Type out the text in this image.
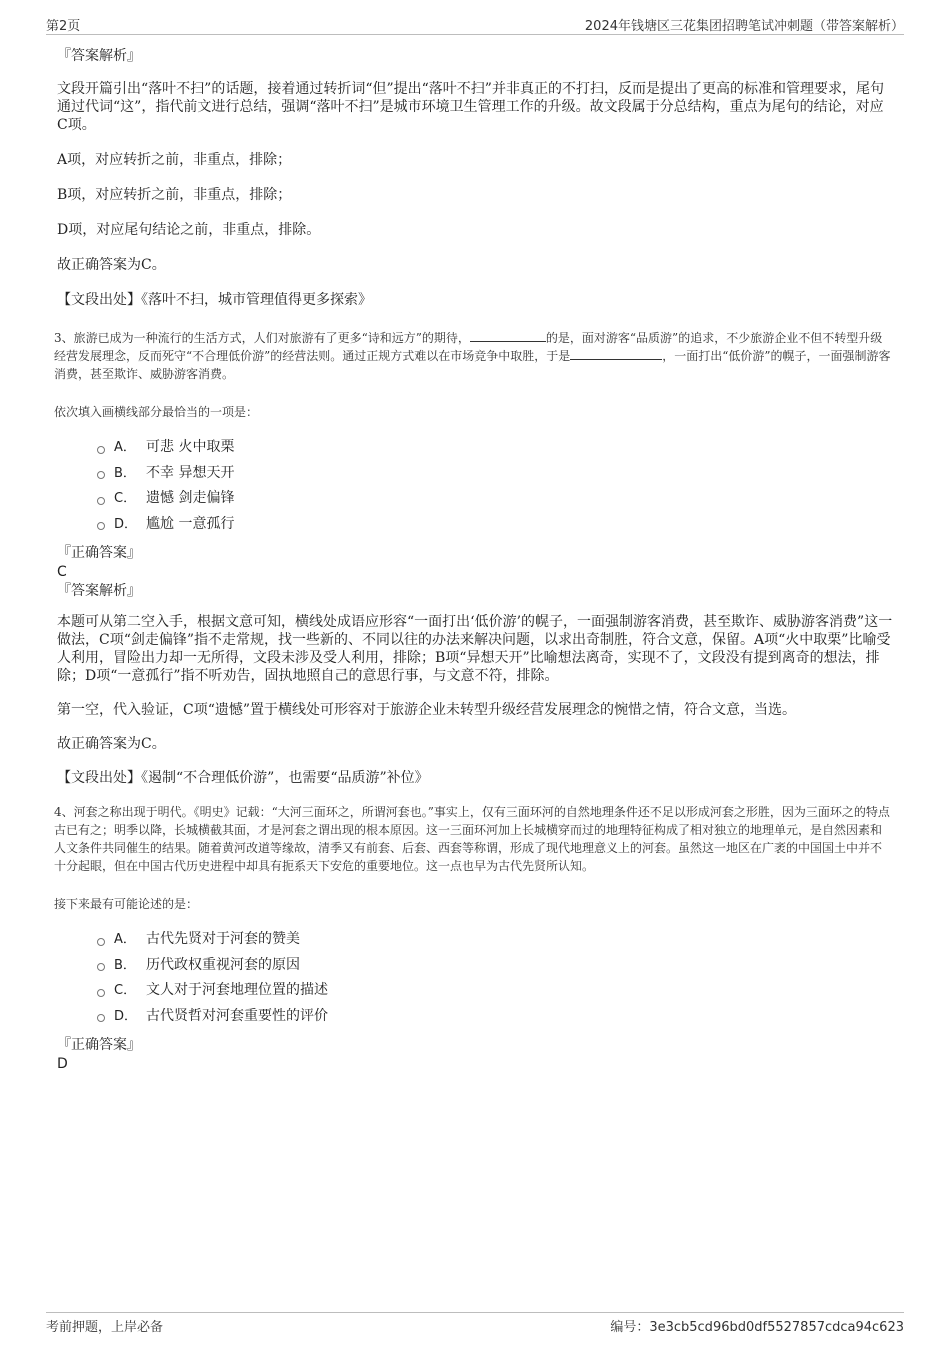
第2页	2024年钱塘区三花集团招聘笔试冲刺题（带答案解析）

『答案解析』

文段开篇引出“落叶不扫”的话题，接着通过转折词“但”提出“落叶不扫”并非真正的不打扫，反而是提出了更高的标准和管理要求，尾句通过代词“这”，指代前文进行总结，强调“落叶不扫”是城市环境卫生管理工作的升级。故文段属于分总结构，重点为尾句的结论，对应C项。

A项，对应转折之前，非重点，排除；

B项，对应转折之前，非重点，排除；

D项，对应尾句结论之前，非重点，排除。

故正确答案为C。

【文段出处】《落叶不扫，城市管理值得更多探索》

3、旅游已成为一种流行的生活方式，人们对旅游有了更多“诗和远方”的期待，	的是，面对游客“品质游”的追求，不少旅游企业不但不转型升级经营发展理念，反而死守“不合理低价游”的经营法则。通过正规方式难以在市场竞争中取胜，于是	，一面打出“低价游”的幌子，一面强制游客消费，甚至欺诈、威胁游客消费。

依次填入画横线部分最恰当的一项是：

A． 可悲 火中取栗
B． 不幸 异想天开
C． 遗憾 剑走偏锋
D． 尴尬 一意孤行

『正确答案』

C

『答案解析』

本题可从第二空入手，根据文意可知，横线处成语应形容“一面打出‘低价游’的幌子，一面强制游客消费，甚至欺诈、威胁游客消费”这一做法，C项“剑走偏锋”指不走常规，找一些新的、不同以往的办法来解决问题，以求出奇制胜，符合文意，保留。A项“火中取栗”比喻受人利用，冒险出力却一无所得，文段未涉及受人利用，排除；B项“异想天开”比喻想法离奇，实现不了，文段没有提到离奇的想法，排除；D项“一意孤行”指不听劝告，固执地照自己的意思行事，与文意不符，排除。

第一空，代入验证，C项“遗憾”置于横线处可形容对于旅游企业未转型升级经营发展理念的惋惜之情，符合文意，当选。

故正确答案为C。

【文段出处】《遏制“不合理低价游”，也需要“品质游”补位》

4、河套之称出现于明代。《明史》记载：“大河三面环之，所谓河套也。”事实上，仅有三面环河的自然地理条件还不足以形成河套之形胜，因为三面环之的特点古已有之；明季以降，长城横截其面，才是河套之谓出现的根本原因。这一三面环河加上长城横穿而过的地理特征构成了相对独立的地理单元，是自然因素和人文条件共同催生的结果。随着黄河改道等缘故，清季又有前套、后套、西套等称谓，形成了现代地理意义上的河套。虽然这一地区在广袤的中国国土中并不十分起眼，但在中国古代历史进程中却具有扼系天下安危的重要地位。这一点也早为古代先贤所认知。

接下来最有可能论述的是：

A． 古代先贤对于河套的赞美
B． 历代政权重视河套的原因
C． 文人对于河套地理位置的描述
D． 古代贤哲对河套重要性的评价

『正确答案』

D

考前押题，上岸必备	编号：3e3cb5cd96bd0df5527857cdca94c623
